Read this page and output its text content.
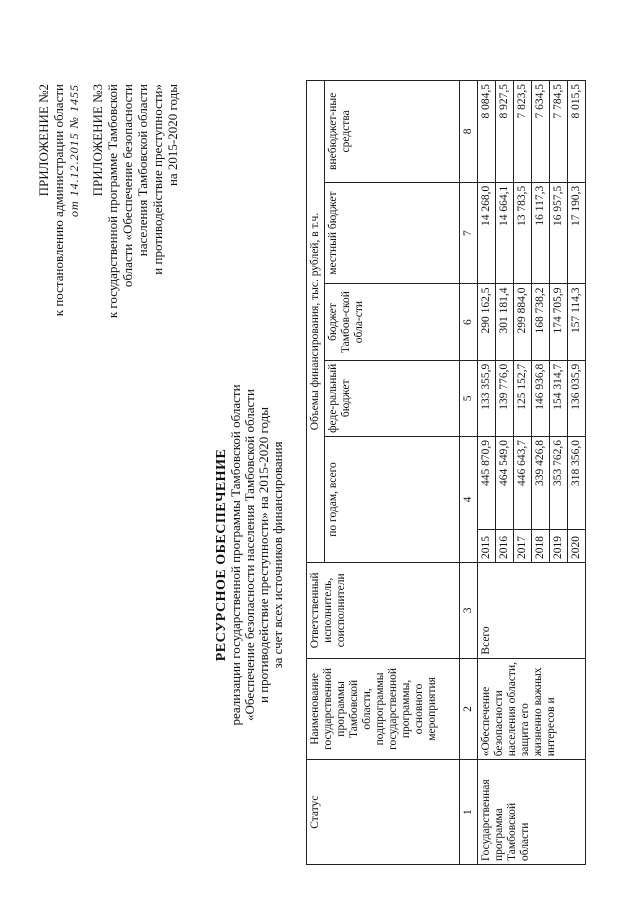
ПРИЛОЖЕНИЕ №2 к постановлению администрации области
от 14.12.2015 № 1455 ПРИЛОЖЕНИЕ №3 к государственной программе Тамбовской области «Обеспечение безопасности населения Тамбовской области и противодействие преступности» на 2015-2020 годы
РЕСУРСНОЕ ОБЕСПЕЧЕНИЕ реализации государственной программы Тамбовской области «Обеспечение безопасности населения Тамбовской области и противодействие преступности» на 2015-2020 годы за счет всех источников финансирования
Статус	Наименование государственной программы Тамбовской области, подпрограммы государственной программы, основного мероприятия	Ответственный исполнитель, соисполнители	Объемы финансирования, тыс. рублей, в т.ч.					
			по годам, всего		феде-ральный бюджет	бюджет Тамбов-ской обла-сти	местный бюджет	внебюджет-ные средства
1	2	3	4		5	6	7	8
Государственная программа Тамбовской области	«Обеспечение безопасности населения области, защита его жизненно важных интересов и	Всего	2015	445 870,9	133 355,9	290 162,5	14 268,0	8 084,5
			2016	464 549,0	139 776,0	301 181,4	14 664,1	8 927,5
			2017	446 643,7	125 152,7	299 884,0	13 783,5	7 823,5
			2018	339 426,8	146 936,8	168 738,2	16 117,3	7 634,5
			2019	353 762,6	154 314,7	174 705,9	16 957,5	7 784,5
			2020	318 356,0	136 035,9	157 114,3	17 190,3	8 015,5
